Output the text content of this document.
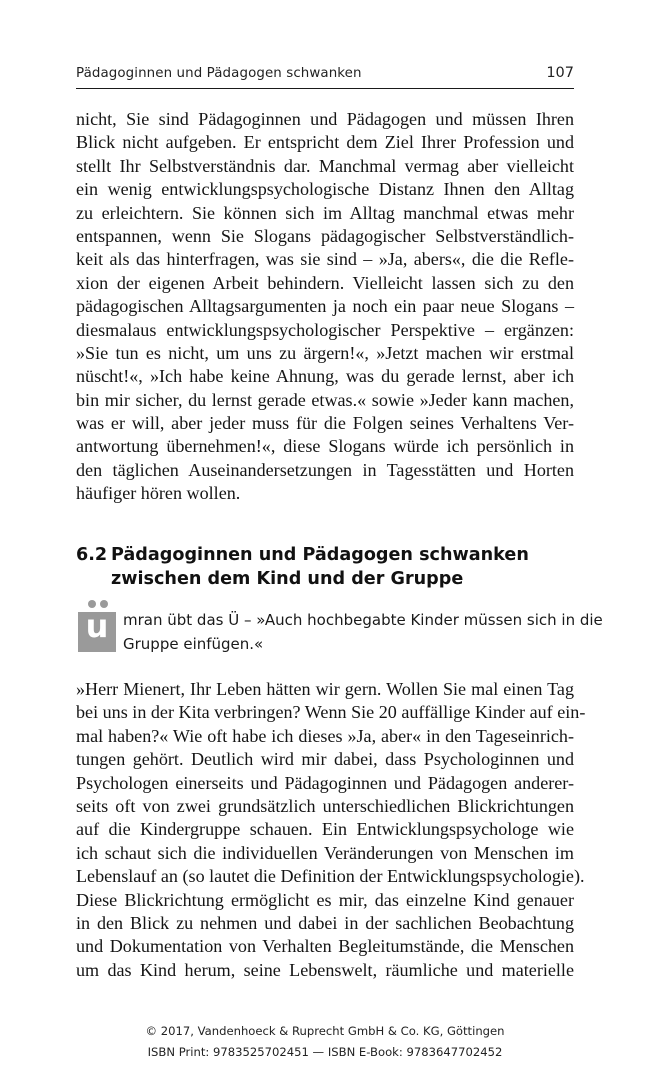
Pädagoginnen und Pädagogen schwanken	107
nicht, Sie sind Pädagoginnen und Pädagogen und müssen Ihren
Blick nicht aufgeben. Er entspricht dem Ziel Ihrer Profession und
stellt Ihr Selbstverständnis dar. Manchmal vermag aber vielleicht
ein wenig entwicklungspsychologische Distanz Ihnen den Alltag
zu erleichtern. Sie können sich im Alltag manchmal etwas mehr
entspannen, wenn Sie Slogans pädagogischer Selbstverständlich-
keit als das hinterfragen, was sie sind – »Ja, abers«, die die Refle-
xion der eigenen Arbeit behindern. Vielleicht lassen sich zu den
pädagogischen Alltagsargumenten ja noch ein paar neue Slogans –
diesmalaus entwicklungspsychologischer Perspektive – ergänzen:
»Sie tun es nicht, um uns zu ärgern!«, »Jetzt machen wir erstmal
nüscht!«, »Ich habe keine Ahnung, was du gerade lernst, aber ich
bin mir sicher, du lernst gerade etwas.« sowie »Jeder kann machen,
was er will, aber jeder muss für die Folgen seines Verhaltens Ver-
antwortung übernehmen!«, diese Slogans würde ich persönlich in
den täglichen Auseinandersetzungen in Tagesstätten und Horten
häufiger hören wollen.
6.2 Pädagoginnen und Pädagogen schwanken
zwischen dem Kind und der Gruppe
u mran übt das Ü – »Auch hochbegabte Kinder müssen sich in die
Gruppe einfügen.«
»Herr Mienert, Ihr Leben hätten wir gern. Wollen Sie mal einen Tag
bei uns in der Kita verbringen? Wenn Sie 20 auffällige Kinder auf ein-
mal haben?« Wie oft habe ich dieses »Ja, aber« in den Tageseinrich-
tungen gehört. Deutlich wird mir dabei, dass Psychologinnen und
Psychologen einerseits und Pädagoginnen und Pädagogen anderer-
seits oft von zwei grundsätzlich unterschiedlichen Blickrichtungen
auf die Kindergruppe schauen. Ein Entwicklungspsychologe wie
ich schaut sich die individuellen Veränderungen von Menschen im
Lebenslauf an (so lautet die Definition der Entwicklungspsychologie).
Diese Blickrichtung ermöglicht es mir, das einzelne Kind genauer
in den Blick zu nehmen und dabei in der sachlichen Beobachtung
und Dokumentation von Verhalten Begleitumstände, die Menschen
um das Kind herum, seine Lebenswelt, räumliche und materielle
© 2017, Vandenhoeck & Ruprecht GmbH & Co. KG, Göttingen
ISBN Print: 9783525702451 — ISBN E-Book: 9783647702452
